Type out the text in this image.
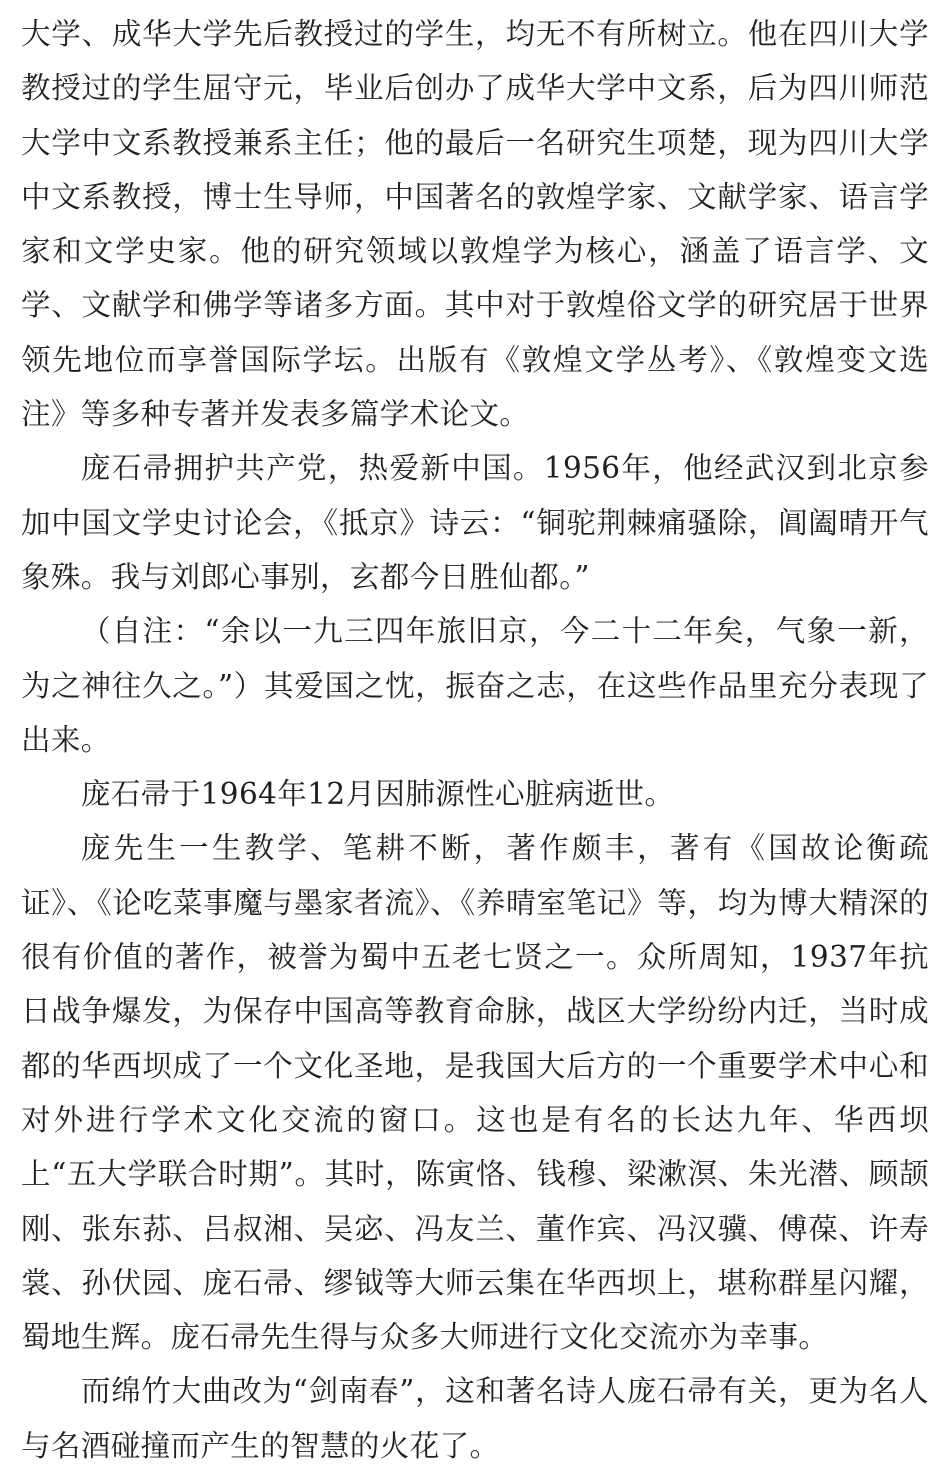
大学、成华大学先后教授过的学生，均无不有所树立。他在四川大学教授过的学生屈守元，毕业后创办了成华大学中文系，后为四川师范大学中文系教授兼系主任；他的最后一名研究生项楚，现为四川大学中文系教授，博士生导师，中国著名的敦煌学家、文献学家、语言学家和文学史家。他的研究领域以敦煌学为核心，涵盖了语言学、文学、文献学和佛学等诸多方面。其中对于敦煌俗文学的研究居于世界领先地位而享誉国际学坛。出版有《敦煌文学丛考》、《敦煌变文选注》等多种专著并发表多篇学术论文。

庞石帚拥护共产党，热爱新中国。1956年，他经武汉到北京参加中国文学史讨论会，《抵京》诗云：“铜驼荆棘痛骚除，阊阖晴开气象殊。我与刘郎心事别，玄都今日胜仙都。”

（自注：“余以一九三四年旅旧京，今二十二年矣，气象一新，为之神往久之。”）其爱国之忱，振奋之志，在这些作品里充分表现了出来。

庞石帚于1964年12月因肺源性心脏病逝世。

庞先生一生教学、笔耕不断，著作颇丰，著有《国故论衡疏证》、《论吃菜事魔与墨家者流》、《养晴室笔记》等，均为博大精深的很有价值的著作，被誉为蜀中五老七贤之一。众所周知，1937年抗日战争爆发，为保存中国高等教育命脉，战区大学纷纷内迁，当时成都的华西坝成了一个文化圣地，是我国大后方的一个重要学术中心和对外进行学术文化交流的窗口。这也是有名的长达九年、华西坝上“五大学联合时期”。其时，陈寅恪、钱穆、梁漱溟、朱光潜、顾颉刚、张东荪、吕叔湘、吴宓、冯友兰、董作宾、冯汉骥、傅葆、许寿裳、孙伏园、庞石帚、缪钺等大师云集在华西坝上，堪称群星闪耀，蜀地生辉。庞石帚先生得与众多大师进行文化交流亦为幸事。

而绵竹大曲改为“剑南春”，这和著名诗人庞石帚有关，更为名人与名酒碰撞而产生的智慧的火花了。
